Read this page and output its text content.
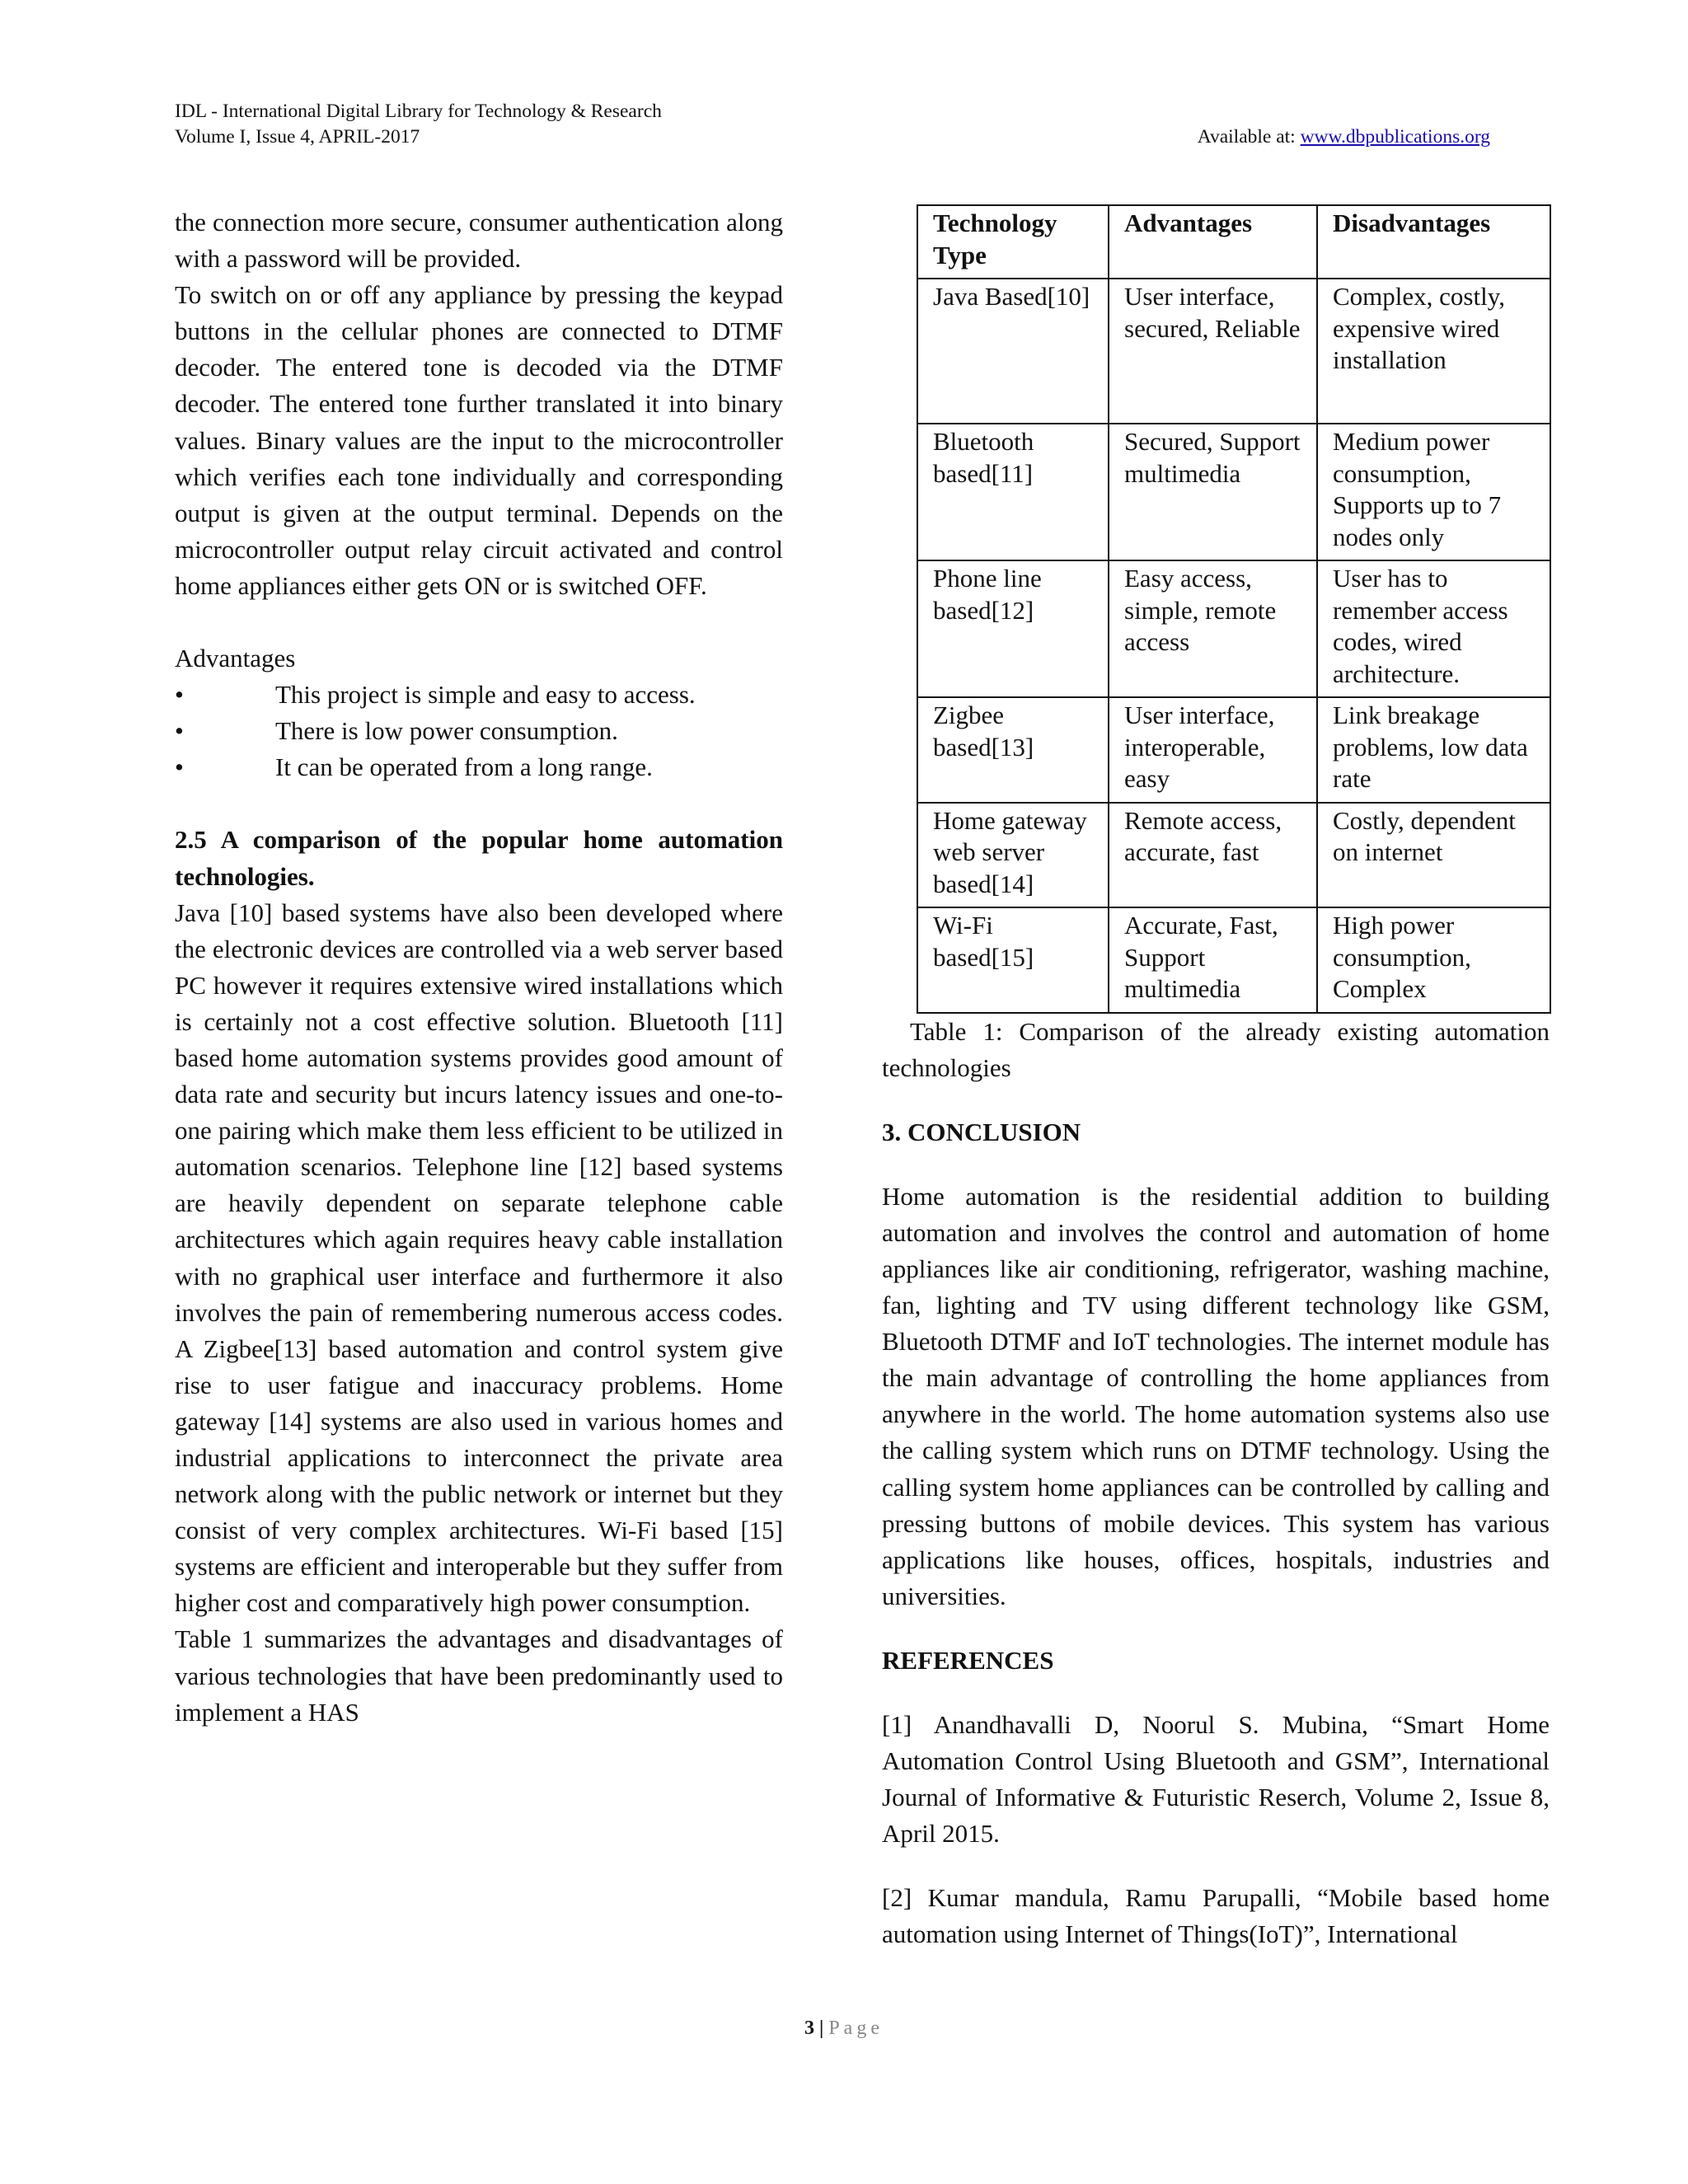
IDL - International Digital Library for Technology & Research
Volume I, Issue 4, APRIL-2017	Available at: www.dbpublications.org

the connection more secure, consumer authentication along with a password will be provided.

To switch on or off any appliance by pressing the keypad buttons in the cellular phones are connected to DTMF decoder. The entered tone is decoded via the DTMF decoder. The entered tone further translated it into binary values. Binary values are the input to the microcontroller which verifies each tone individually and corresponding output is given at the output terminal. Depends on the microcontroller output relay circuit activated and control home appliances either gets ON or is switched OFF.

Advantages

• This project is simple and easy to access.
• There is low power consumption.
• It can be operated from a long range.

2.5 A comparison of the popular home automation technologies.

Java [10] based systems have also been developed where the electronic devices are controlled via a web server based PC however it requires extensive wired installations which is certainly not a cost effective solution. Bluetooth [11] based home automation systems provides good amount of data rate and security but incurs latency issues and one-to-one pairing which make them less efficient to be utilized in automation scenarios. Telephone line [12] based systems are heavily dependent on separate telephone cable architectures which again requires heavy cable installation with no graphical user interface and furthermore it also involves the pain of remembering numerous access codes. A Zigbee[13] based automation and control system give rise to user fatigue and inaccuracy problems. Home gateway [14] systems are also used in various homes and industrial applications to interconnect the private area network along with the public network or internet but they consist of very complex architectures. Wi-Fi based [15] systems are efficient and interoperable but they suffer from higher cost and comparatively high power consumption.

Table 1 summarizes the advantages and disadvantages of various technologies that have been predominantly used to implement a HAS

Technology Type	Advantages	Disadvantages
Java Based[10]	User interface, secured, Reliable	Complex, costly, expensive wired installation
Bluetooth based[11]	Secured, Support multimedia	Medium power consumption, Supports up to 7 nodes only
Phone line based[12]	Easy access, simple, remote access	User has to remember access codes, wired architecture.
Zigbee based[13]	User interface, interoperable, easy	Link breakage problems, low data rate
Home gateway web server based[14]	Remote access, accurate, fast	Costly, dependent on internet
Wi-Fi based[15]	Accurate, Fast, Support multimedia	High power consumption, Complex

Table 1: Comparison of the already existing automation technologies

3. CONCLUSION

Home automation is the residential addition to building automation and involves the control and automation of home appliances like air conditioning, refrigerator, washing machine, fan, lighting and TV using different technology like GSM, Bluetooth DTMF and IoT technologies. The internet module has the main advantage of controlling the home appliances from anywhere in the world. The home automation systems also use the calling system which runs on DTMF technology. Using the calling system home appliances can be controlled by calling and pressing buttons of mobile devices. This system has various applications like houses, offices, hospitals, industries and universities.

REFERENCES

[1] Anandhavalli D, Noorul S. Mubina, “Smart Home Automation Control Using Bluetooth and GSM”, International Journal of Informative & Futuristic Reserch, Volume 2, Issue 8, April 2015.

[2] Kumar mandula, Ramu Parupalli, “Mobile based home automation using Internet of Things(IoT)”, International

3 | Page
